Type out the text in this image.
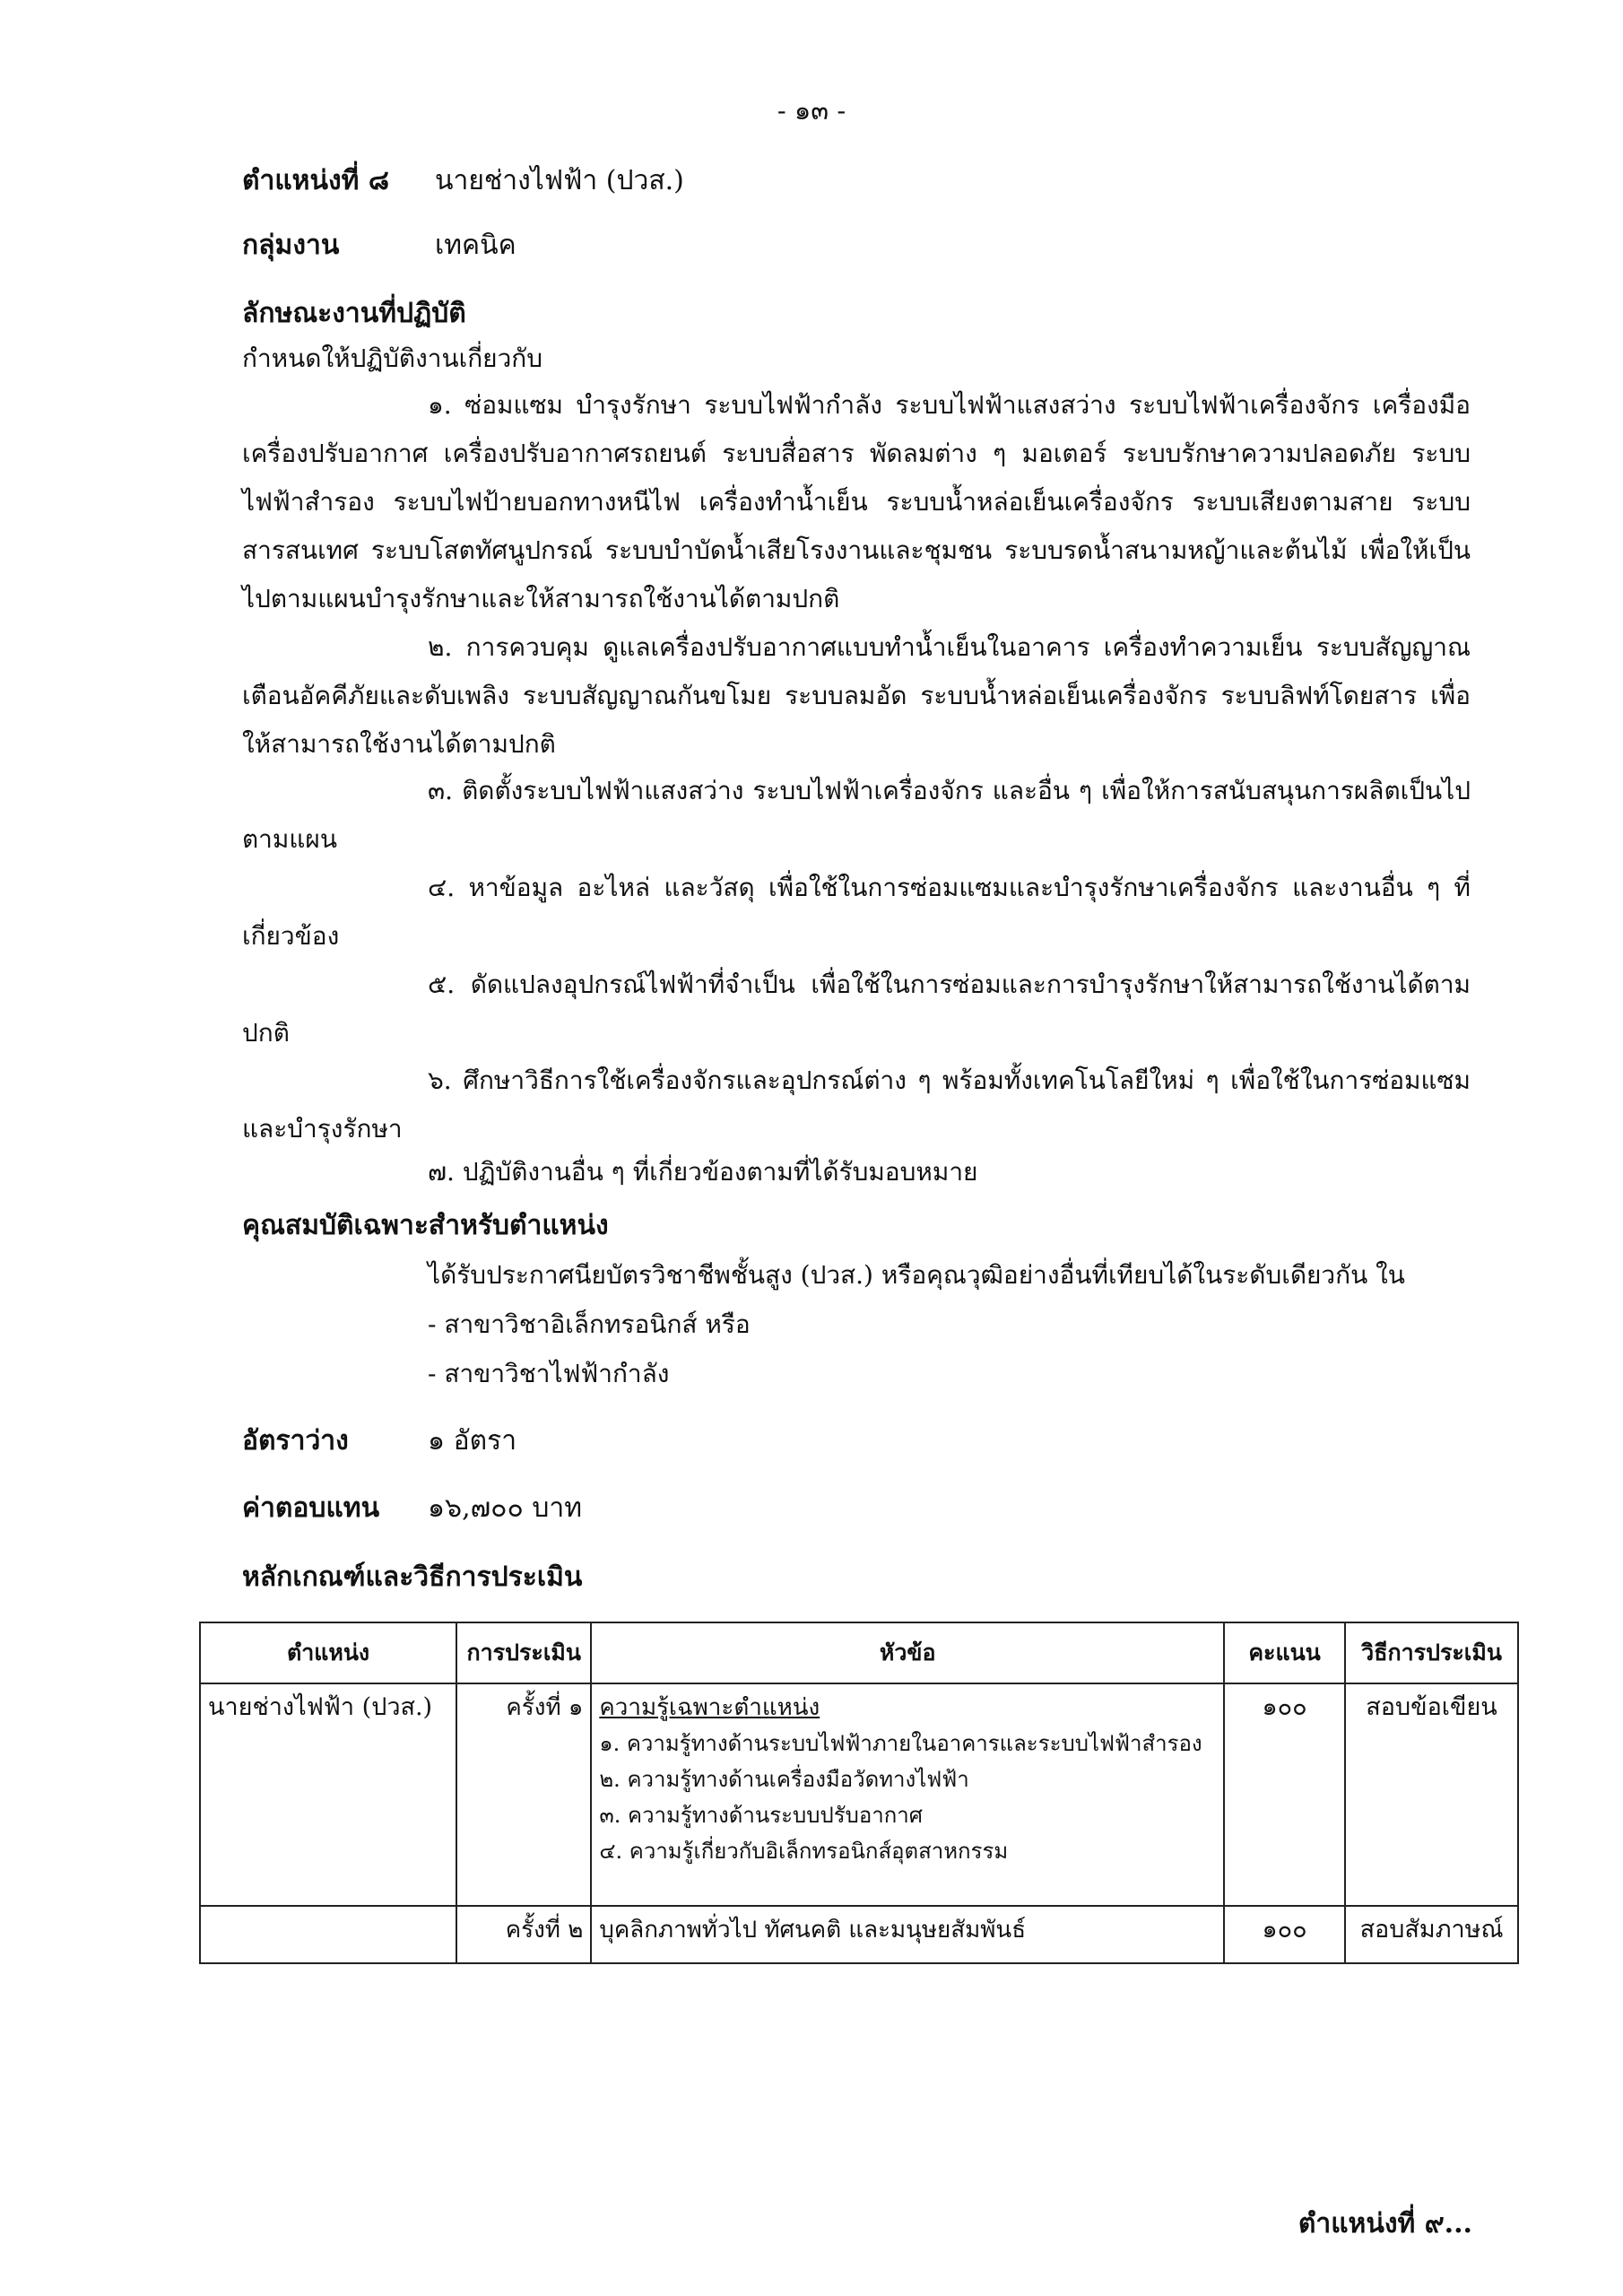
- ๑๓ -
ตำแหน่งที่ ๘ นายช่างไฟฟ้า (ปวส.)
กลุ่มงาน	เทคนิค
ลักษณะงานที่ปฏิบัติ
กำหนดให้ปฏิบัติงานเกี่ยวกับ
๑. ซ่อมแซม บำรุงรักษา ระบบไฟฟ้ากำลัง ระบบไฟฟ้าแสงสว่าง ระบบไฟฟ้าเครื่องจักร เครื่องมือ เครื่องปรับอากาศ เครื่องปรับอากาศรถยนต์ ระบบสื่อสาร พัดลมต่าง ๆ มอเตอร์ ระบบรักษาความปลอดภัย ระบบไฟฟ้าสำรอง ระบบไฟป้ายบอกทางหนีไฟ เครื่องทำน้ำเย็น ระบบน้ำหล่อเย็นเครื่องจักร ระบบเสียงตามสาย ระบบสารสนเทศ ระบบโสตทัศนูปกรณ์ ระบบบำบัดน้ำเสียโรงงานและชุมชน ระบบรดน้ำสนามหญ้าและต้นไม้ เพื่อให้เป็นไปตามแผนบำรุงรักษาและให้สามารถใช้งานได้ตามปกติ
๒. การควบคุม ดูแลเครื่องปรับอากาศแบบทำน้ำเย็นในอาคาร เครื่องทำความเย็น ระบบสัญญาณเตือนอัคคีภัยและดับเพลิง ระบบสัญญาณกันขโมย ระบบลมอัด ระบบน้ำหล่อเย็นเครื่องจักร ระบบลิฟท์โดยสาร เพื่อให้สามารถใช้งานได้ตามปกติ
๓. ติดตั้งระบบไฟฟ้าแสงสว่าง ระบบไฟฟ้าเครื่องจักร และอื่น ๆ เพื่อให้การสนับสนุนการผลิตเป็นไปตามแผน
๔. หาข้อมูล อะไหล่ และวัสดุ เพื่อใช้ในการซ่อมแซมและบำรุงรักษาเครื่องจักร และงานอื่น ๆ ที่เกี่ยวข้อง
๕. ดัดแปลงอุปกรณ์ไฟฟ้าที่จำเป็น เพื่อใช้ในการซ่อมและการบำรุงรักษาให้สามารถใช้งานได้ตามปกติ
๖. ศึกษาวิธีการใช้เครื่องจักรและอุปกรณ์ต่าง ๆ พร้อมทั้งเทคโนโลยีใหม่ ๆ เพื่อใช้ในการซ่อมแซมและบำรุงรักษา
๗. ปฏิบัติงานอื่น ๆ ที่เกี่ยวข้องตามที่ได้รับมอบหมาย
คุณสมบัติเฉพาะสำหรับตำแหน่ง
ได้รับประกาศนียบัตรวิชาชีพชั้นสูง (ปวส.) หรือคุณวุฒิอย่างอื่นที่เทียบได้ในระดับเดียวกัน ใน
- สาขาวิชาอิเล็กทรอนิกส์ หรือ
- สาขาวิชาไฟฟ้ากำลัง
อัตราว่าง	๑ อัตรา
ค่าตอบแทน ๑๖,๗๐๐ บาท
หลักเกณฑ์และวิธีการประเมิน
ตำแหน่ง	การประเมิน	หัวข้อ	คะแนน	วิธีการประเมิน
นายช่างไฟฟ้า (ปวส.)	ครั้งที่ ๑	ความรู้เฉพาะตำแหน่ง
๑. ความรู้ทางด้านระบบไฟฟ้าภายในอาคารและระบบไฟฟ้าสำรอง
๒. ความรู้ทางด้านเครื่องมือวัดทางไฟฟ้า
๓. ความรู้ทางด้านระบบปรับอากาศ
๔. ความรู้เกี่ยวกับอิเล็กทรอนิกส์อุตสาหกรรม	๑๐๐	สอบข้อเขียน
	ครั้งที่ ๒	บุคลิกภาพทั่วไป ทัศนคติ และมนุษยสัมพันธ์	๑๐๐	สอบสัมภาษณ์
ตำแหน่งที่ ๙...
